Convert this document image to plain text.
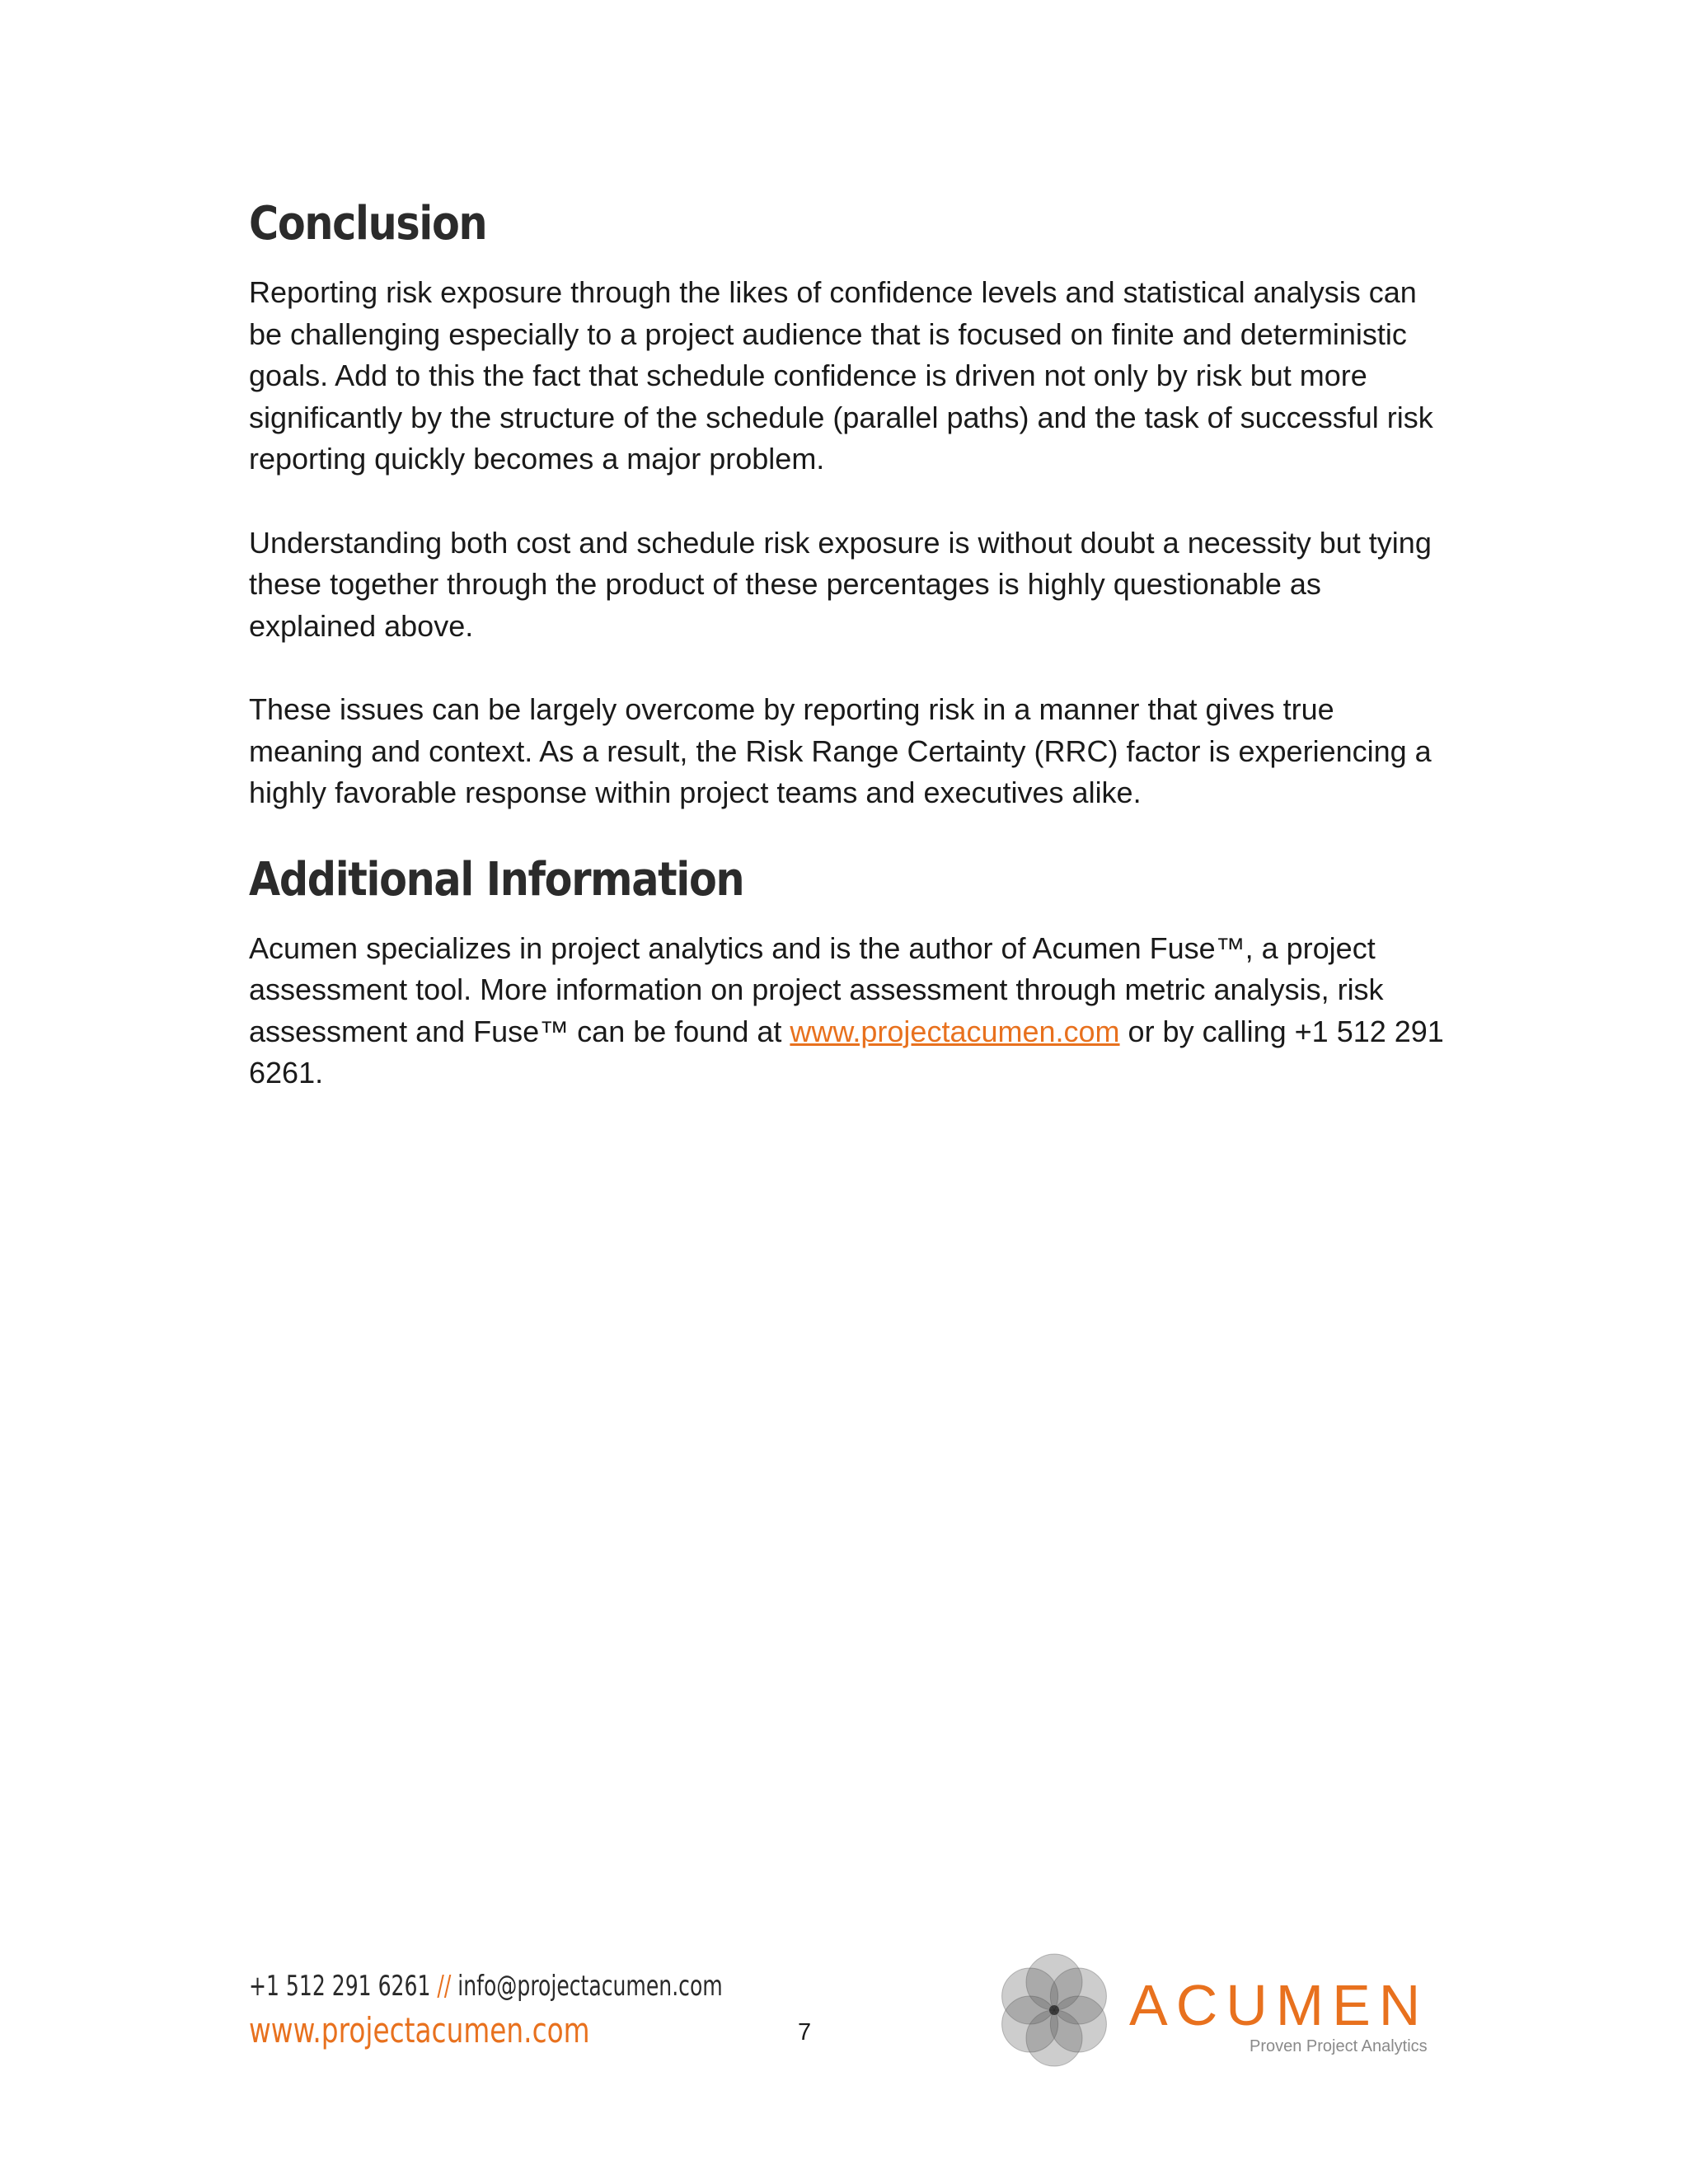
Conclusion

Reporting risk exposure through the likes of confidence levels and statistical analysis can be challenging especially to a project audience that is focused on finite and deterministic goals. Add to this the fact that schedule confidence is driven not only by risk but more significantly by the structure of the schedule (parallel paths) and the task of successful risk reporting quickly becomes a major problem.

Understanding both cost and schedule risk exposure is without doubt a necessity but tying these together through the product of these percentages is highly questionable as explained above.

These issues can be largely overcome by reporting risk in a manner that gives true meaning and context. As a result, the Risk Range Certainty (RRC) factor is experiencing a highly favorable response within project teams and executives alike.

Additional Information

Acumen specializes in project analytics and is the author of Acumen Fuse™, a project assessment tool. More information on project assessment through metric analysis, risk assessment and Fuse™ can be found at www.projectacumen.com or by calling +1 512 291 6261.

+1 512 291 6261 // info@projectacumen.com
www.projectacumen.com	7	ACUMEN
Proven Project Analytics
